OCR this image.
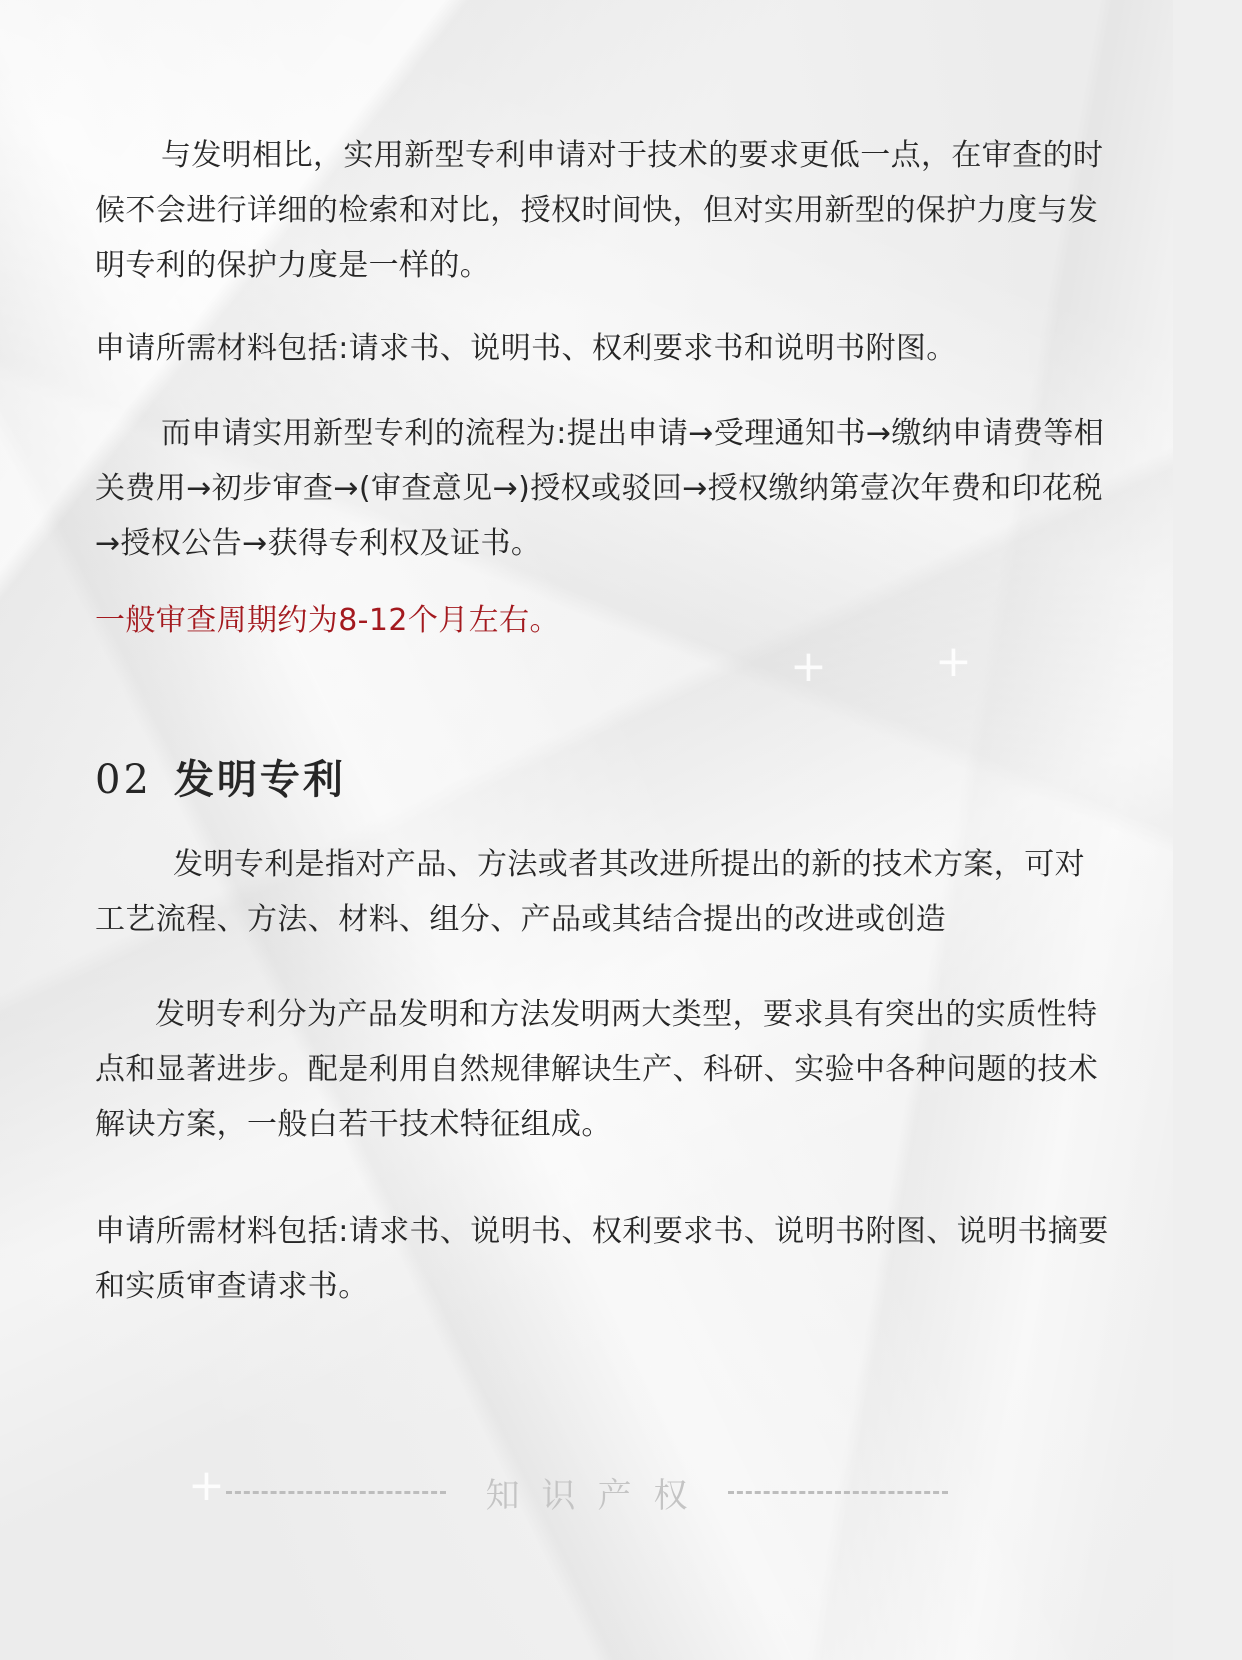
+ +
+

与发明相比，实用新型专利申请对于技术的要求更低一点，在审查的时候不会进行详细的检索和对比，授权时间快，但对实用新型的保护力度与发明专利的保护力度是一样的。

申请所需材料包括:请求书、说明书、权利要求书和说明书附图。

而申请实用新型专利的流程为:提出申请→受理通知书→缴纳申请费等相关费用→初步审查→(审查意见→)授权或驳回→授权缴纳第壹次年费和印花税→授权公告→获得专利权及证书。

一般审查周期约为8-12个月左右。

02 发明专利

发明专利是指对产品、方法或者其改进所提出的新的技术方案，可对工艺流程、方法、材料、组分、产品或其结合提出的改进或创造

发明专利分为产品发明和方法发明两大类型，要求具有突出的实质性特点和显著进步。配是利用自然规律解诀生产、科研、实验中各种问题的技术解诀方案，一般白若干技术特征组成。

申请所需材料包括:请求书、说明书、权利要求书、说明书附图、说明书摘要和实质审查请求书。

知识产权
